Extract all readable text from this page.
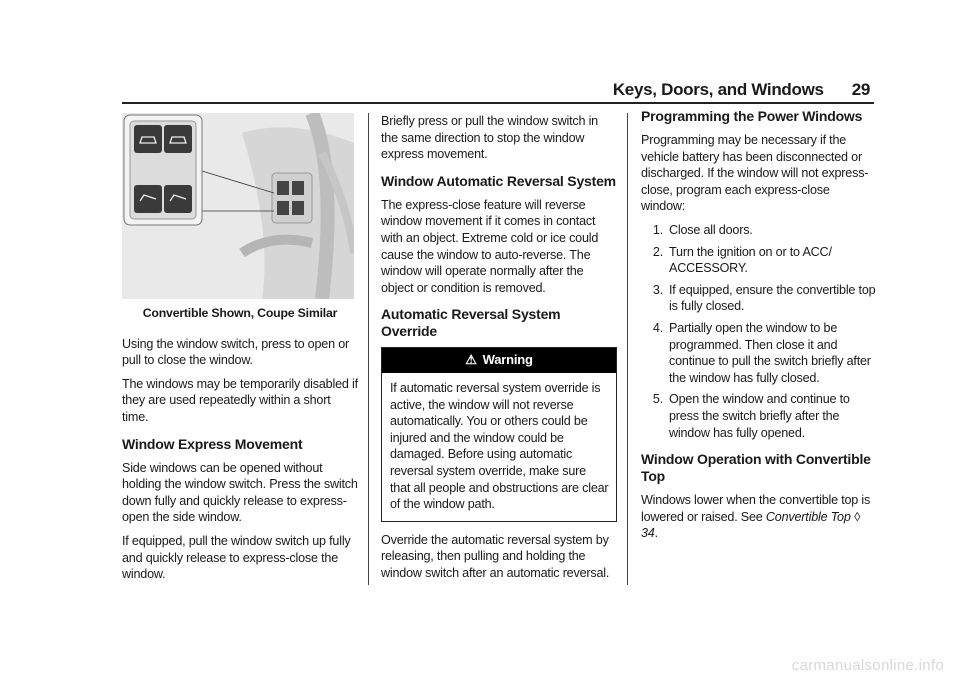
Keys, Doors, and Windows 29
Convertible Shown, Coupe Similar

Using the window switch, press to open or pull to close the window.

The windows may be temporarily disabled if they are used repeatedly within a short time.

Window Express Movement

Side windows can be opened without holding the window switch. Press the switch down fully and quickly release to express-open the side window.

If equipped, pull the window switch up fully and quickly release to express-close the window.

Briefly press or pull the window switch in the same direction to stop the window express movement.

Window Automatic Reversal System

The express-close feature will reverse window movement if it comes in contact with an object. Extreme cold or ice could cause the window to auto-reverse. The window will operate normally after the object or condition is removed.

Automatic Reversal System Override
⚠ Warning
If automatic reversal system override is active, the window will not reverse automatically. You or others could be injured and the window could be damaged. Before using automatic reversal system override, make sure that all people and obstructions are clear of the window path.

Override the automatic reversal system by releasing, then pulling and holding the window switch after an automatic reversal.

Programming the Power Windows

Programming may be necessary if the vehicle battery has been disconnected or discharged. If the window will not express-close, program each express-close window:

1. Close all doors.
2. Turn the ignition on or to ACC/ ACCESSORY.
3. If equipped, ensure the convertible top is fully closed.
4. Partially open the window to be programmed. Then close it and continue to pull the switch briefly after the window has fully closed.
5. Open the window and continue to press the switch briefly after the window has fully opened.
Window Operation with Convertible Top

Windows lower when the convertible top is lowered or raised. See Convertible Top ◊ 34.

carmanualsonline.info
